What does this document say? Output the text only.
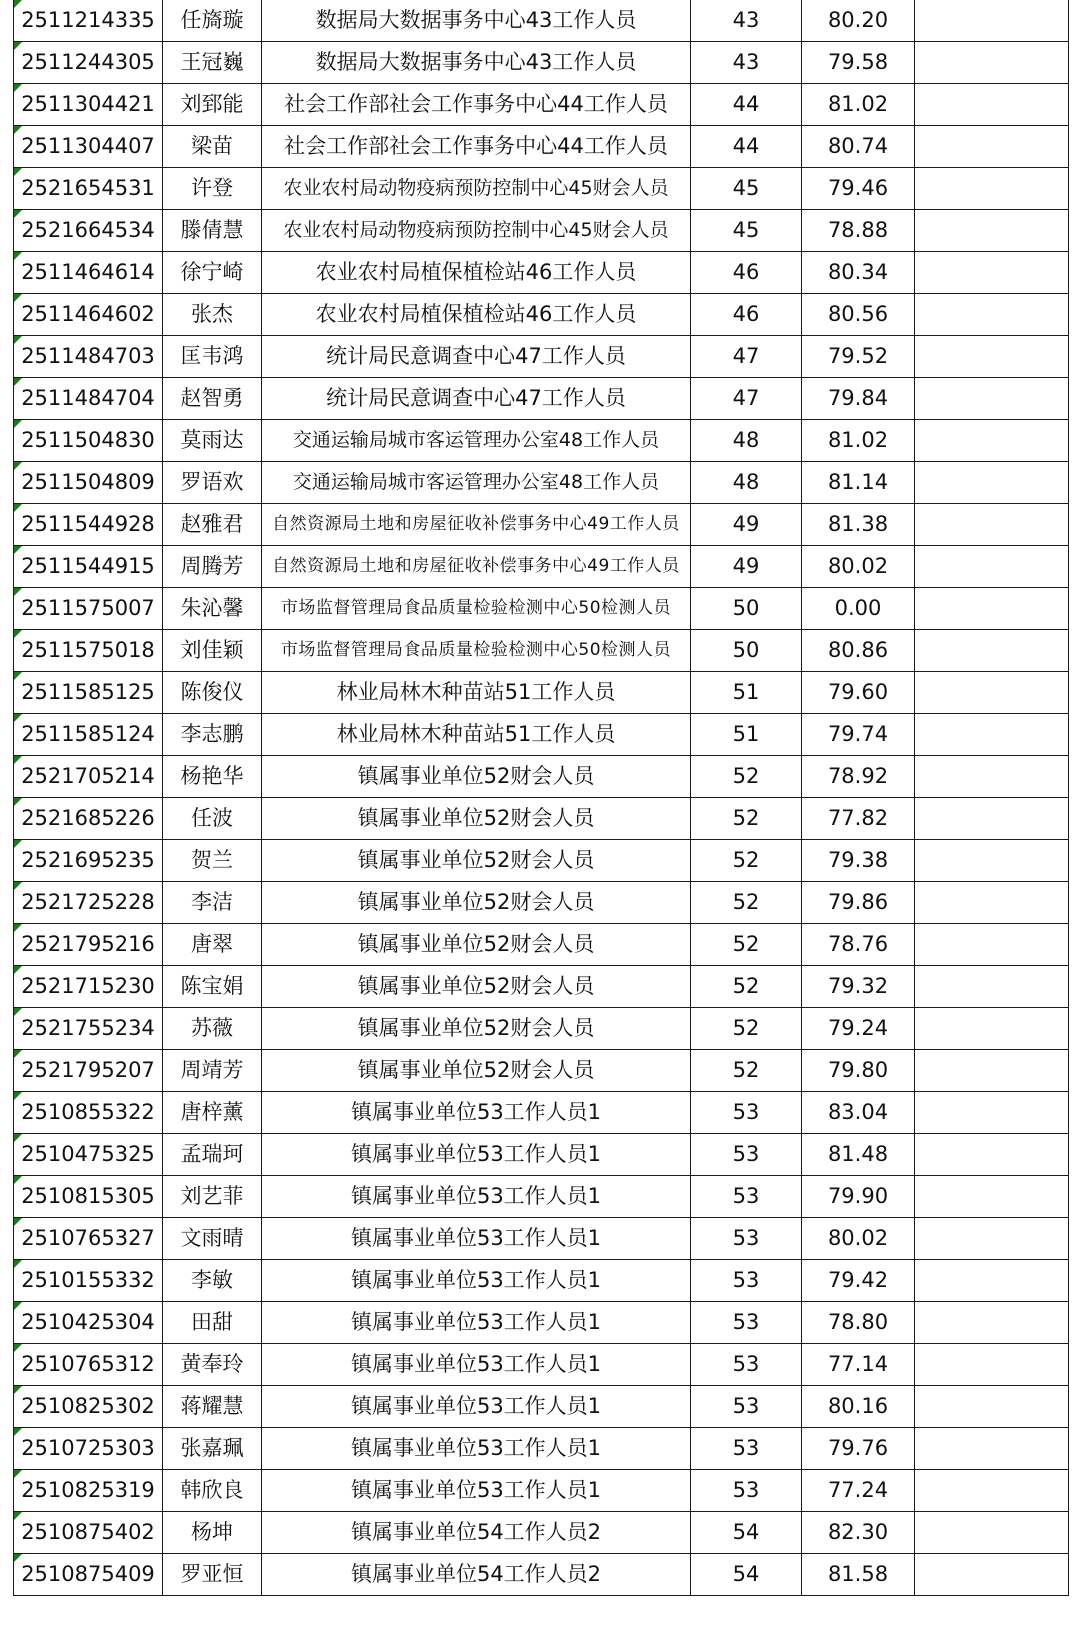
2511214335	任旖璇	数据局大数据事务中心43工作人员	43	80.20	
2511244305	王冠巍	数据局大数据事务中心43工作人员	43	79.58	
2511304421	刘郅能	社会工作部社会工作事务中心44工作人员	44	81.02	
2511304407	梁苗	社会工作部社会工作事务中心44工作人员	44	80.74	
2521654531	许登	农业农村局动物疫病预防控制中心45财会人员	45	79.46	
2521664534	滕倩慧	农业农村局动物疫病预防控制中心45财会人员	45	78.88	
2511464614	徐宁崎	农业农村局植保植检站46工作人员	46	80.34	
2511464602	张杰	农业农村局植保植检站46工作人员	46	80.56	
2511484703	匡韦鸿	统计局民意调查中心47工作人员	47	79.52	
2511484704	赵智勇	统计局民意调查中心47工作人员	47	79.84	
2511504830	莫雨达	交通运输局城市客运管理办公室48工作人员	48	81.02	
2511504809	罗语欢	交通运输局城市客运管理办公室48工作人员	48	81.14	
2511544928	赵雅君	自然资源局土地和房屋征收补偿事务中心49工作人员	49	81.38	
2511544915	周腾芳	自然资源局土地和房屋征收补偿事务中心49工作人员	49	80.02	
2511575007	朱沁馨	市场监督管理局食品质量检验检测中心50检测人员	50	0.00	
2511575018	刘佳颖	市场监督管理局食品质量检验检测中心50检测人员	50	80.86	
2511585125	陈俊仪	林业局林木种苗站51工作人员	51	79.60	
2511585124	李志鹏	林业局林木种苗站51工作人员	51	79.74	
2521705214	杨艳华	镇属事业单位52财会人员	52	78.92	
2521685226	任波	镇属事业单位52财会人员	52	77.82	
2521695235	贺兰	镇属事业单位52财会人员	52	79.38	
2521725228	李洁	镇属事业单位52财会人员	52	79.86	
2521795216	唐翠	镇属事业单位52财会人员	52	78.76	
2521715230	陈宝娟	镇属事业单位52财会人员	52	79.32	
2521755234	苏薇	镇属事业单位52财会人员	52	79.24	
2521795207	周靖芳	镇属事业单位52财会人员	52	79.80	
2510855322	唐梓薰	镇属事业单位53工作人员1	53	83.04	
2510475325	孟瑞珂	镇属事业单位53工作人员1	53	81.48	
2510815305	刘艺菲	镇属事业单位53工作人员1	53	79.90	
2510765327	文雨晴	镇属事业单位53工作人员1	53	80.02	
2510155332	李敏	镇属事业单位53工作人员1	53	79.42	
2510425304	田甜	镇属事业单位53工作人员1	53	78.80	
2510765312	黄奉玲	镇属事业单位53工作人员1	53	77.14	
2510825302	蒋耀慧	镇属事业单位53工作人员1	53	80.16	
2510725303	张嘉珮	镇属事业单位53工作人员1	53	79.76	
2510825319	韩欣良	镇属事业单位53工作人员1	53	77.24	
2510875402	杨坤	镇属事业单位54工作人员2	54	82.30	
2510875409	罗亚恒	镇属事业单位54工作人员2	54	81.58	
